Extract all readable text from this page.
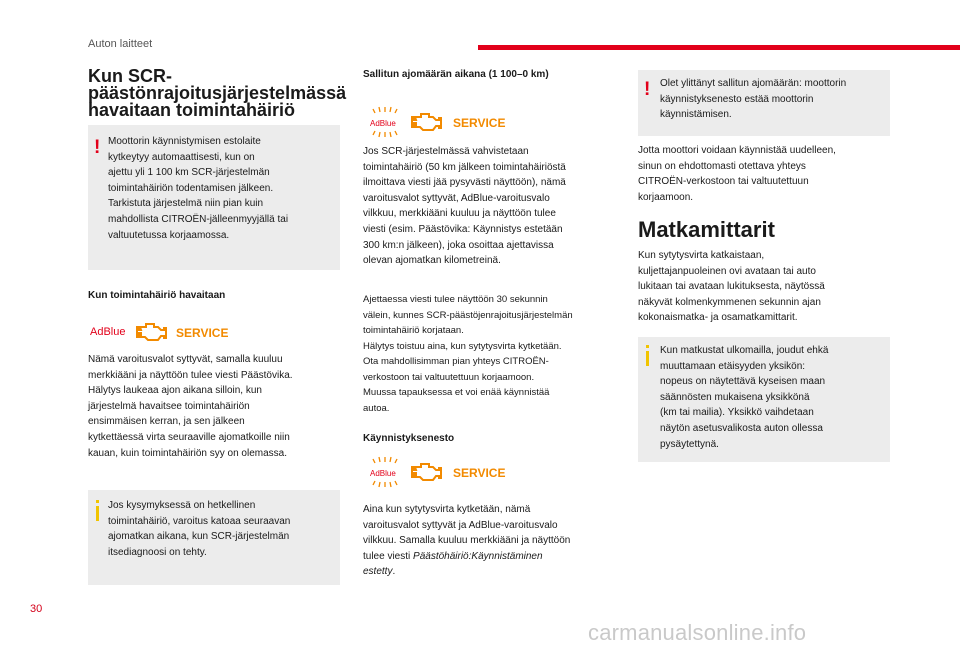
Auton laitteet
Kun SCR-
päästönrajoitusjärjestelmässä
havaitaan toimintahäiriö
! Moottorin käynnistymisen estolaite

kytkeytyy automaattisesti, kun on

ajettu yli 1 100 km SCR-järjestelmän

toimintahäiriön todentamisen jälkeen.

Tarkistuta järjestelmä niin pian kuin

mahdollista CITROËN-jälleenmyyjällä tai

valtuutetussa korjaamossa.

Kun toimintahäiriö havaitaan
AdBlue	SERVICE

Nämä varoitusvalot syttyvät, samalla kuuluu

merkkiääni ja näyttöön tulee viesti Päästövika.

Hälytys laukeaa ajon aikana silloin, kun

järjestelmä havaitsee toimintahäiriön

ensimmäisen kerran, ja sen jälkeen

kytkettäessä virta seuraaville ajomatkoille niin

kauan, kuin toimintahäiriön syy on olemassa.

Jos kysymyksessä on hetkellinen

toimintahäiriö, varoitus katoaa seuraavan

ajomatkan aikana, kun SCR-järjestelmän

itsediagnoosi on tehty.

Sallitun ajomäärän aikana (1 100–0 km)
AdBlue	SERVICE

Jos SCR-järjestelmässä vahvistetaan

toimintahäiriö (50 km jälkeen toimintahäiriöstä

ilmoittava viesti jää pysyvästi näyttöön), nämä

varoitusvalot syttyvät, AdBlue-varoitusvalo

vilkkuu, merkkiääni kuuluu ja näyttöön tulee

viesti (esim. Päästövika: Käynnistys estetään

300 km:n jälkeen), joka osoittaa ajettavissa

olevan ajomatkan kilometreinä.

Ajettaessa viesti tulee näyttöön 30 sekunnin

välein, kunnes SCR-päästöjenrajoitusjärjestelmän

toimintahäiriö korjataan.

Hälytys toistuu aina, kun sytytysvirta kytketään.

Ota mahdollisimman pian yhteys CITROËN-

verkostoon tai valtuutettuun korjaamoon.

Muussa tapauksessa et voi enää käynnistää

autoa.

Käynnistyksenesto
AdBlue	SERVICE

Aina kun sytytysvirta kytketään, nämä

varoitusvalot syttyvät ja AdBlue-varoitusvalo

vilkkuu. Samalla kuuluu merkkiääni ja näyttöön

tulee viesti Päästöhäiriö:Käynnistäminen

estetty.

! Olet ylittänyt sallitun ajomäärän: moottorin

käynnistyksenesto estää moottorin

käynnistämisen.

Jotta moottori voidaan käynnistää uudelleen,

sinun on ehdottomasti otettava yhteys

CITROËN-verkostoon tai valtuutettuun

korjaamoon.

Matkamittarit

Kun sytytysvirta katkaistaan,

kuljettajanpuoleinen ovi avataan tai auto

lukitaan tai avataan lukituksesta, näytössä

näkyvät kolmenkymmenen sekunnin ajan

kokonaismatka- ja osamatkamittarit.

Kun matkustat ulkomailla, joudut ehkä

muuttamaan etäisyyden yksikön:

nopeus on näytettävä kyseisen maan

säännösten mukaisena yksikkönä

(km tai mailia). Yksikkö vaihdetaan

näytön asetusvalikosta auton ollessa

pysäytettynä.

30
carmanualsonline.info
